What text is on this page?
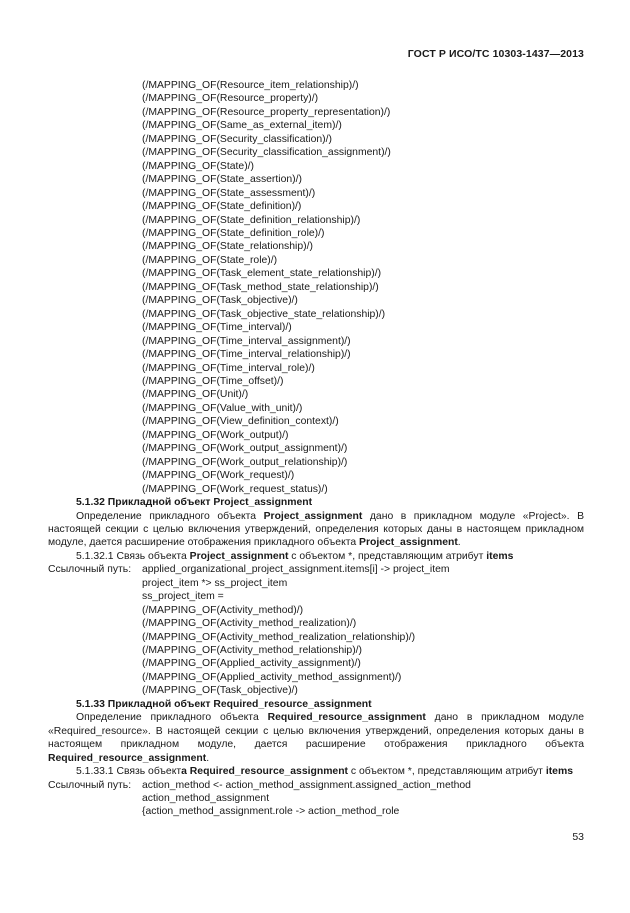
ГОСТ Р ИСО/ТС 10303-1437—2013
(/MAPPING_OF(Resource_item_relationship)/)
(/MAPPING_OF(Resource_property)/)
(/MAPPING_OF(Resource_property_representation)/)
(/MAPPING_OF(Same_as_external_item)/)
(/MAPPING_OF(Security_classification)/)
(/MAPPING_OF(Security_classification_assignment)/)
(/MAPPING_OF(State)/)
(/MAPPING_OF(State_assertion)/)
(/MAPPING_OF(State_assessment)/)
(/MAPPING_OF(State_definition)/)
(/MAPPING_OF(State_definition_relationship)/)
(/MAPPING_OF(State_definition_role)/)
(/MAPPING_OF(State_relationship)/)
(/MAPPING_OF(State_role)/)
(/MAPPING_OF(Task_element_state_relationship)/)
(/MAPPING_OF(Task_method_state_relationship)/)
(/MAPPING_OF(Task_objective)/)
(/MAPPING_OF(Task_objective_state_relationship)/)
(/MAPPING_OF(Time_interval)/)
(/MAPPING_OF(Time_interval_assignment)/)
(/MAPPING_OF(Time_interval_relationship)/)
(/MAPPING_OF(Time_interval_role)/)
(/MAPPING_OF(Time_offset)/)
(/MAPPING_OF(Unit)/)
(/MAPPING_OF(Value_with_unit)/)
(/MAPPING_OF(View_definition_context)/)
(/MAPPING_OF(Work_output)/)
(/MAPPING_OF(Work_output_assignment)/)
(/MAPPING_OF(Work_output_relationship)/)
(/MAPPING_OF(Work_request)/)
(/MAPPING_OF(Work_request_status)/)
5.1.32 Прикладной объект Project_assignment
Определение прикладного объекта Project_assignment дано в прикладном модуле «Project». В настоящей секции с целью включения утверждений, определения которых даны в настоящем прикладном модуле, дается расширение отображения прикладного объекта Project_assignment.
5.1.32.1 Связь объекта Project_assignment с объектом *, представляющим атрибут items
Ссылочный путь:	applied_organizational_project_assignment.items[i] -> project_item
project_item *> ss_project_item
ss_project_item =
(/MAPPING_OF(Activity_method)/)
(/MAPPING_OF(Activity_method_realization)/)
(/MAPPING_OF(Activity_method_realization_relationship)/)
(/MAPPING_OF(Activity_method_relationship)/)
(/MAPPING_OF(Applied_activity_assignment)/)
(/MAPPING_OF(Applied_activity_method_assignment)/)
(/MAPPING_OF(Task_objective)/)
5.1.33 Прикладной объект Required_resource_assignment
Определение прикладного объекта Required_resource_assignment дано в прикладном модуле «Required_resource». В настоящей секции с целью включения утверждений, определения которых даны в настоящем прикладном модуле, дается расширение отображения прикладного объекта Required_resource_assignment.
5.1.33.1 Связь объектa Required_resource_assignment с объектом *, представляющим атрибут items
Ссылочный путь:	action_method <- action_method_assignment.assigned_action_method
action_method_assignment
{action_method_assignment.role -> action_method_role
53
